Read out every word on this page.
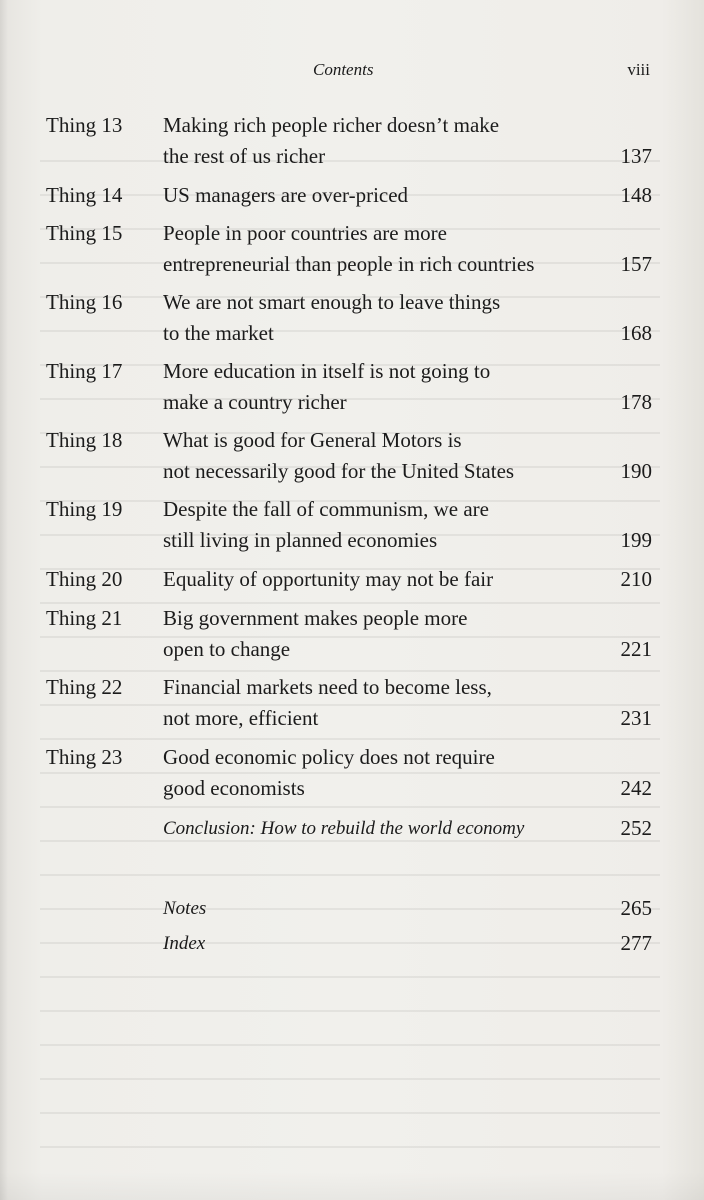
Contents	viii
Thing 13	Making rich people richer doesn’t make
the rest of us richer	137
Thing 14	US managers are over-priced	148
Thing 15	People in poor countries are more
entrepreneurial than people in rich countries	157
Thing 16	We are not smart enough to leave things
to the market	168
Thing 17	More education in itself is not going to
make a country richer	178
Thing 18	What is good for General Motors is
not necessarily good for the United States	190
Thing 19	Despite the fall of communism, we are
still living in planned economies	199
Thing 20	Equality of opportunity may not be fair	210
Thing 21	Big government makes people more
open to change	221
Thing 22	Financial markets need to become less,
not more, efficient	231
Thing 23	Good economic policy does not require
good economists	242
Conclusion: How to rebuild the world economy	252
Notes	265
Index	277
